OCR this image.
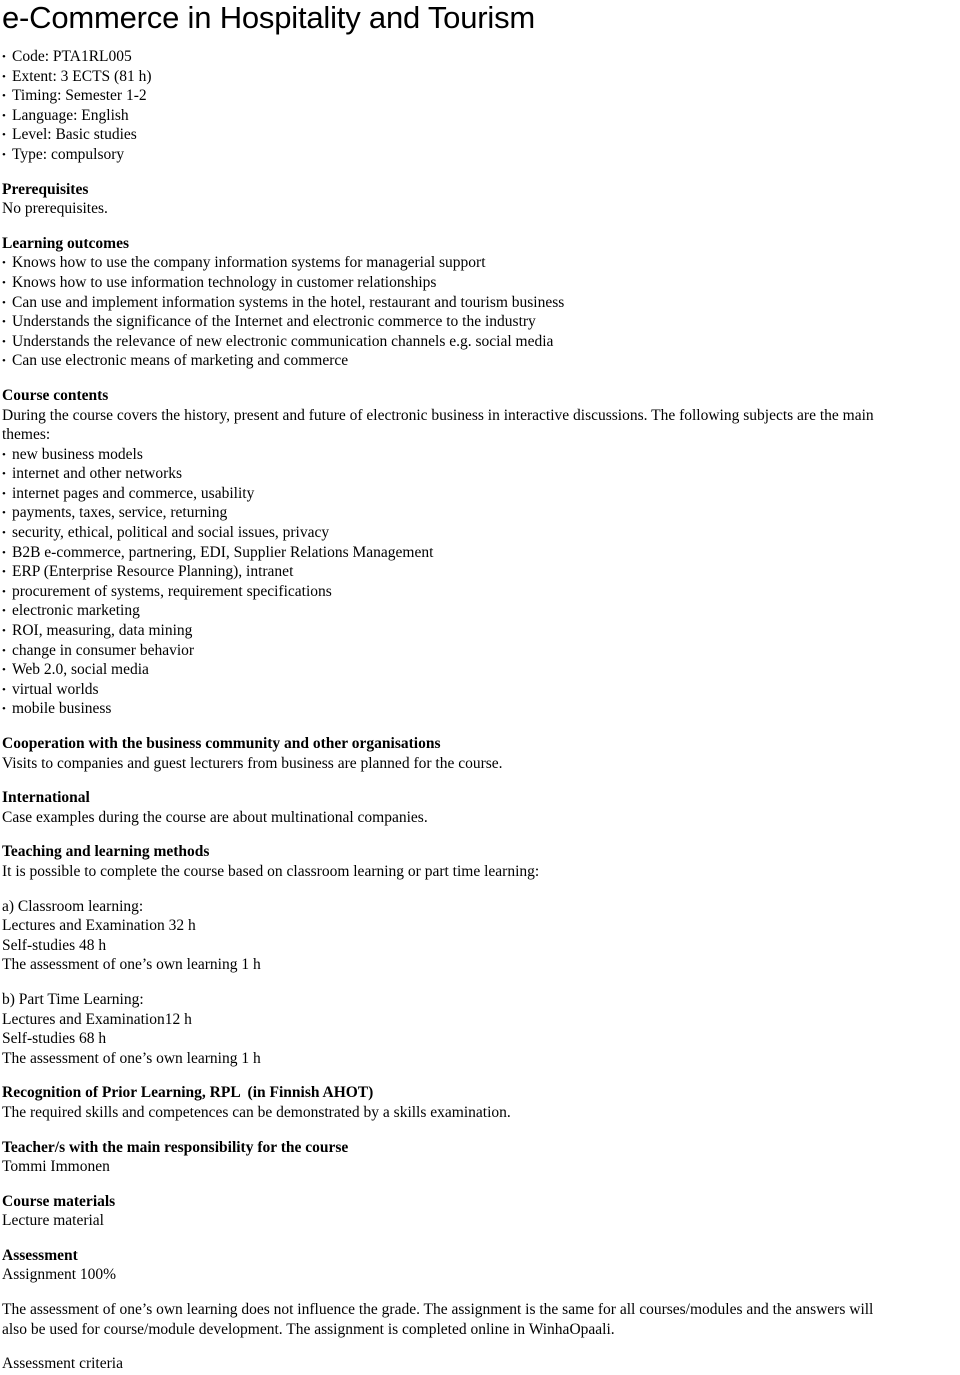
e-Commerce in Hospitality and Tourism
• Code: PTA1RL005
• Extent: 3 ECTS (81 h)
• Timing: Semester 1-2
• Language: English
• Level: Basic studies
• Type: compulsory
Prerequisites
No prerequisites.
Learning outcomes
• Knows how to use the company information systems for managerial support
• Knows how to use information technology in customer relationships
• Can use and implement information systems in the hotel, restaurant and tourism business
• Understands the significance of the Internet and electronic commerce to the industry
• Understands the relevance of new electronic communication channels e.g. social media
• Can use electronic means of marketing and commerce
Course contents
During the course covers the history, present and future of electronic business in interactive discussions. The following subjects are the main
themes:
• new business models
• internet and other networks
• internet pages and commerce, usability
• payments, taxes, service, returning
• security, ethical, political and social issues, privacy
• B2B e-commerce, partnering, EDI, Supplier Relations Management
• ERP (Enterprise Resource Planning), intranet
• procurement of systems, requirement specifications
• electronic marketing
• ROI, measuring, data mining
• change in consumer behavior
• Web 2.0, social media
• virtual worlds
• mobile business
Cooperation with the business community and other organisations
Visits to companies and guest lecturers from business are planned for the course.
International
Case examples during the course are about multinational companies.
Teaching and learning methods
It is possible to complete the course based on classroom learning or part time learning:
a) Classroom learning:
Lectures and Examination 32 h
Self-studies 48 h
The assessment of one’s own learning 1 h
b) Part Time Learning:
Lectures and Examination12 h
Self-studies 68 h
The assessment of one’s own learning 1 h
Recognition of Prior Learning, RPL  (in Finnish AHOT)
The required skills and competences can be demonstrated by a skills examination.
Teacher/s with the main responsibility for the course
Tommi Immonen
Course materials
Lecture material
Assessment
Assignment 100%
The assessment of one’s own learning does not influence the grade. The assignment is the same for all courses/modules and the answers will
also be used for course/module development. The assignment is completed online in WinhaOpaali.
Assessment criteria
